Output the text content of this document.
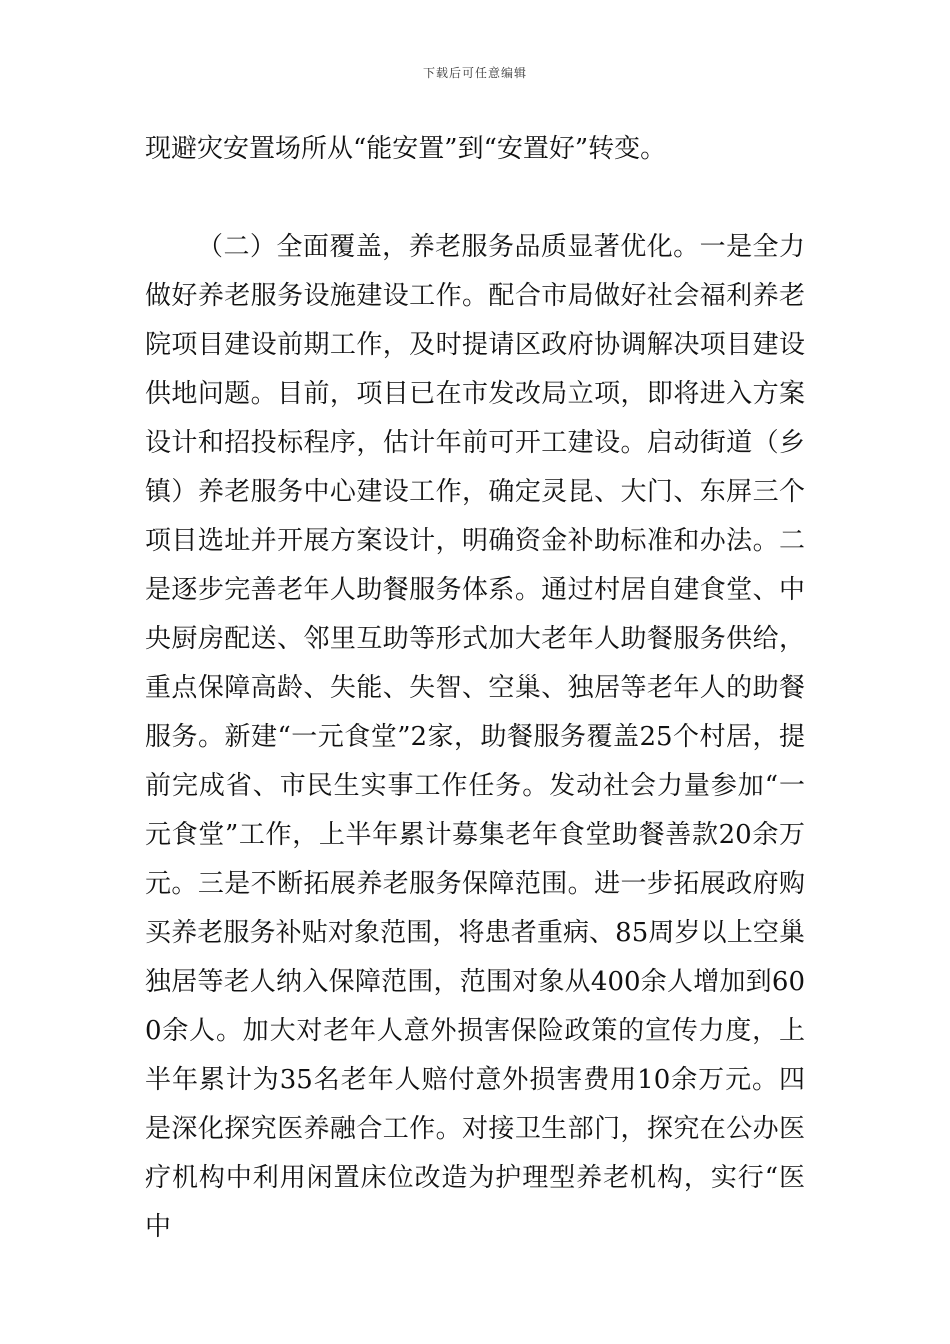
下载后可任意编辑

现避灾安置场所从“能安置”到“安置好”转变。

（二）全面覆盖，养老服务品质显著优化。一是全力做好养老服务设施建设工作。配合市局做好社会福利养老院项目建设前期工作，及时提请区政府协调解决项目建设供地问题。目前，项目已在市发改局立项，即将进入方案设计和招投标程序，估计年前可开工建设。启动街道（乡镇）养老服务中心建设工作，确定灵昆、大门、东屏三个项目选址并开展方案设计，明确资金补助标准和办法。二是逐步完善老年人助餐服务体系。通过村居自建食堂、中央厨房配送、邻里互助等形式加大老年人助餐服务供给，重点保障高龄、失能、失智、空巢、独居等老年人的助餐服务。新建“一元食堂”2家，助餐服务覆盖25个村居，提前完成省、市民生实事工作任务。发动社会力量参加“一元食堂”工作，上半年累计募集老年食堂助餐善款20余万元。三是不断拓展养老服务保障范围。进一步拓展政府购买养老服务补贴对象范围，将患者重病、85周岁以上空巢独居等老人纳入保障范围，范围对象从400余人增加到600余人。加大对老年人意外损害保险政策的宣传力度，上半年累计为35名老年人赔付意外损害费用10余万元。四是深化探究医养融合工作。对接卫生部门，探究在公办医疗机构中利用闲置床位改造为护理型养老机构，实行“医中
